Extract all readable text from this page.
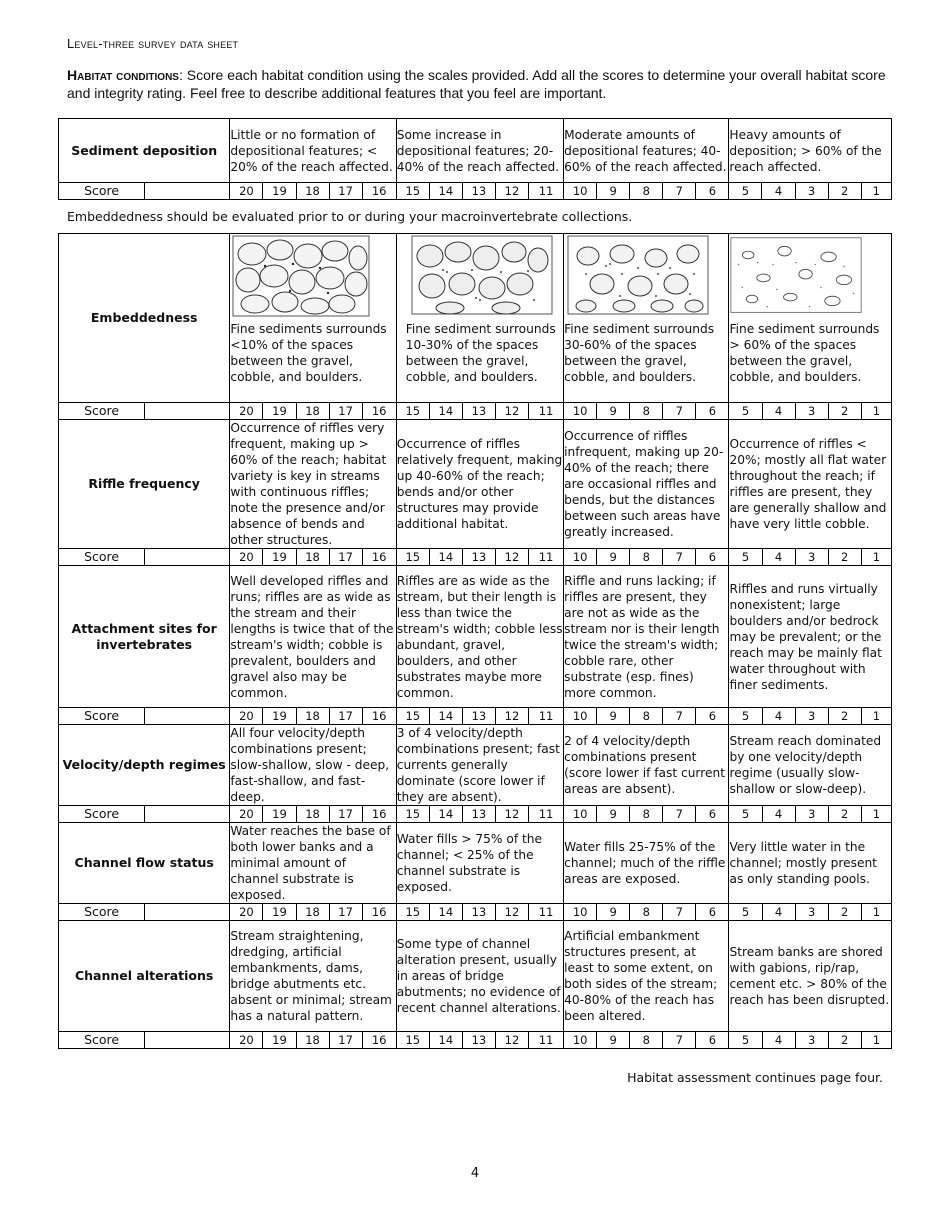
Level-three survey data sheet
Habitat conditions: Score each habitat condition using the scales provided. Add all the scores to determine your overall habitat score and integrity rating. Feel free to describe additional features that you feel are important.
Sediment deposition		Little or no formation of depositional features; < 20% of the reach affected.					Some increase in depositional features; 20-40% of the reach affected.					Moderate amounts of depositional features; 40-60% of the reach affected.					Heavy amounts of deposition; > 60% of the reach affected.				
Score		20	19	18	17	16	15	14	13	12	11	10	9	8	7	6	5	4	3	2	1
Embeddedness should be evaluated prior to or during your macroinvertebrate collections.
Embeddedness		Fine sediments surrounds <10% of the spaces between the gravel, cobble, and boulders.					Fine sediment surrounds 10-30% of the spaces between the gravel, cobble, and boulders.					Fine sediment surrounds 30-60% of the spaces between the gravel, cobble, and boulders.					Fine sediment surrounds > 60% of the spaces between the gravel, cobble, and boulders.				
Score		20	19	18	17	16	15	14	13	12	11	10	9	8	7	6	5	4	3	2	1
Riffle frequency		Occurrence of riffles very frequent, making up > 60% of the reach; habitat variety is key in streams with continuous riffles; note the presence and/or absence of bends and other structures.					Occurrence of riffles relatively frequent, making up 40-60% of the reach; bends and/or other structures may provide additional habitat.					Occurrence of riffles infrequent, making up 20-40% of the reach; there are occasional riffles and bends, but the distances between such areas have greatly increased.					Occurrence of riffles < 20%; mostly all flat water throughout the reach; if riffles are present, they are generally shallow and have very little cobble.				
Score		20	19	18	17	16	15	14	13	12	11	10	9	8	7	6	5	4	3	2	1
Attachment sites for invertebrates		Well developed riffles and runs; riffles are as wide as the stream and their lengths is twice that of the stream's width; cobble is prevalent, boulders and gravel also may be common.					Riffles are as wide as the stream, but their length is less than twice the stream's width; cobble less abundant, gravel, boulders, and other substrates maybe more common.					Riffle and runs lacking; if riffles are present, they are not as wide as the stream nor is their length twice the stream's width; cobble rare, other substrate (esp. fines) more common.					Riffles and runs virtually nonexistent; large boulders and/or bedrock may be prevalent; or the reach may be mainly flat water throughout with finer sediments.				
Score		20	19	18	17	16	15	14	13	12	11	10	9	8	7	6	5	4	3	2	1
Velocity/depth regimes		All four velocity/depth combinations present; slow-shallow, slow - deep, fast-shallow, and fast-deep.					3 of 4 velocity/depth combinations present; fast currents generally dominate (score lower if they are absent).					2 of 4 velocity/depth combinations present (score lower if fast current areas are absent).					Stream reach dominated by one velocity/depth regime (usually slow-shallow or slow-deep).				
Score		20	19	18	17	16	15	14	13	12	11	10	9	8	7	6	5	4	3	2	1
Channel flow status		Water reaches the base of both lower banks and a minimal amount of channel substrate is exposed.					Water fills > 75% of the channel; < 25% of the channel substrate is exposed.					Water fills 25-75% of the channel; much of the riffle areas are exposed.					Very little water in the channel; mostly present as only standing pools.				
Score		20	19	18	17	16	15	14	13	12	11	10	9	8	7	6	5	4	3	2	1
Channel alterations		Stream straightening, dredging, artificial embankments, dams, bridge abutments etc. absent or minimal; stream has a natural pattern.					Some type of channel alteration present, usually in areas of bridge abutments; no evidence of recent channel alterations.					Artificial embankment structures present, at least to some extent, on both sides of the stream; 40-80% of the reach has been altered.					Stream banks are shored with gabions, rip/rap, cement etc. > 80% of the reach has been disrupted.				
Score		20	19	18	17	16	15	14	13	12	11	10	9	8	7	6	5	4	3	2	1
Habitat assessment continues page four.
4
